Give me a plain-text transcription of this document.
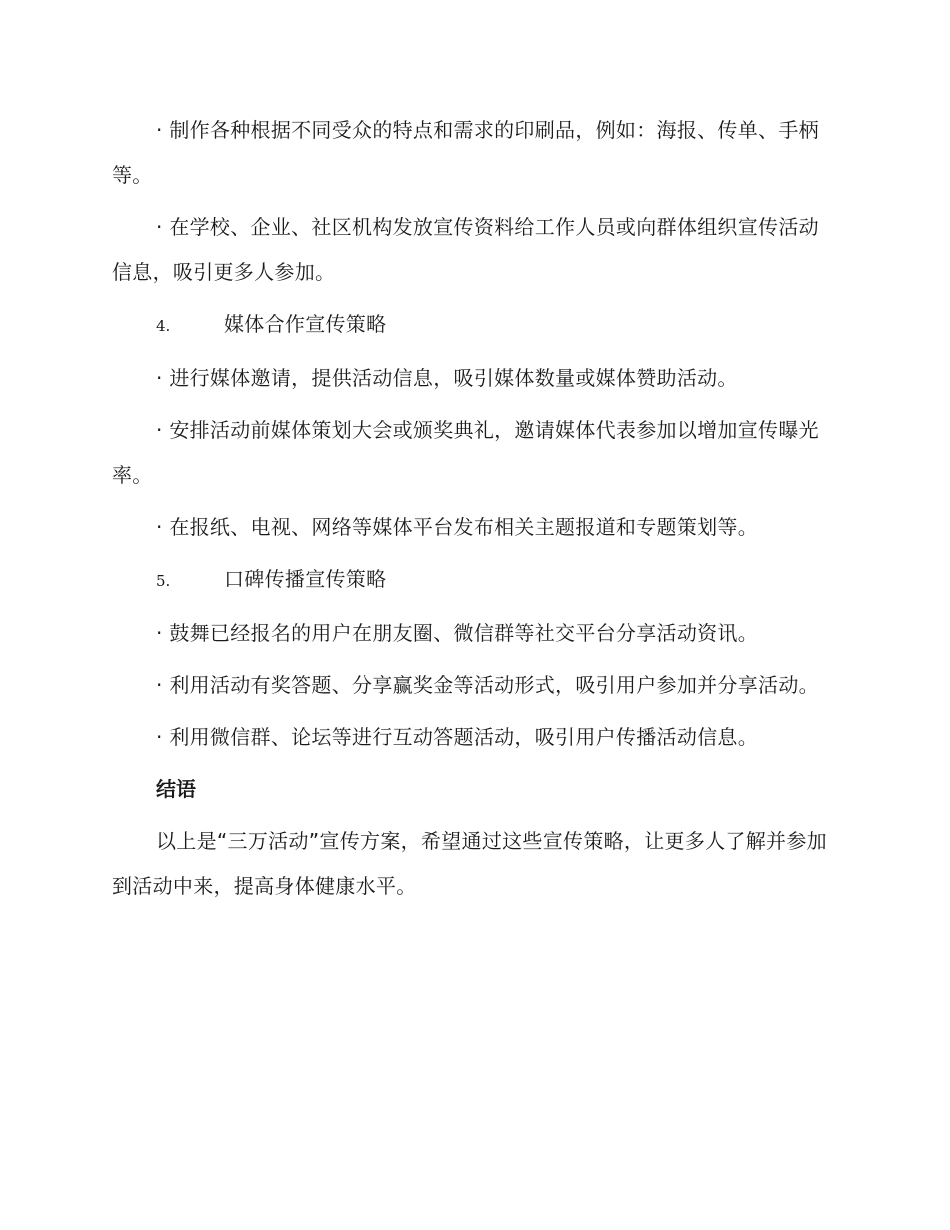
· 制作各种根据不同受众的特点和需求的印刷品，例如：海报、传单、手柄等。

· 在学校、企业、社区机构发放宣传资料给工作人员或向群体组织宣传活动信息，吸引更多人参加。

4.	媒体合作宣传策略

· 进行媒体邀请，提供活动信息，吸引媒体数量或媒体赞助活动。

· 安排活动前媒体策划大会或颁奖典礼，邀请媒体代表参加以增加宣传曝光率。

· 在报纸、电视、网络等媒体平台发布相关主题报道和专题策划等。

5.	口碑传播宣传策略

· 鼓舞已经报名的用户在朋友圈、微信群等社交平台分享活动资讯。

· 利用活动有奖答题、分享赢奖金等活动形式，吸引用户参加并分享活动。

· 利用微信群、论坛等进行互动答题活动，吸引用户传播活动信息。

结语

以上是“三万活动”宣传方案，希望通过这些宣传策略，让更多人了解并参加到活动中来，提高身体健康水平。
